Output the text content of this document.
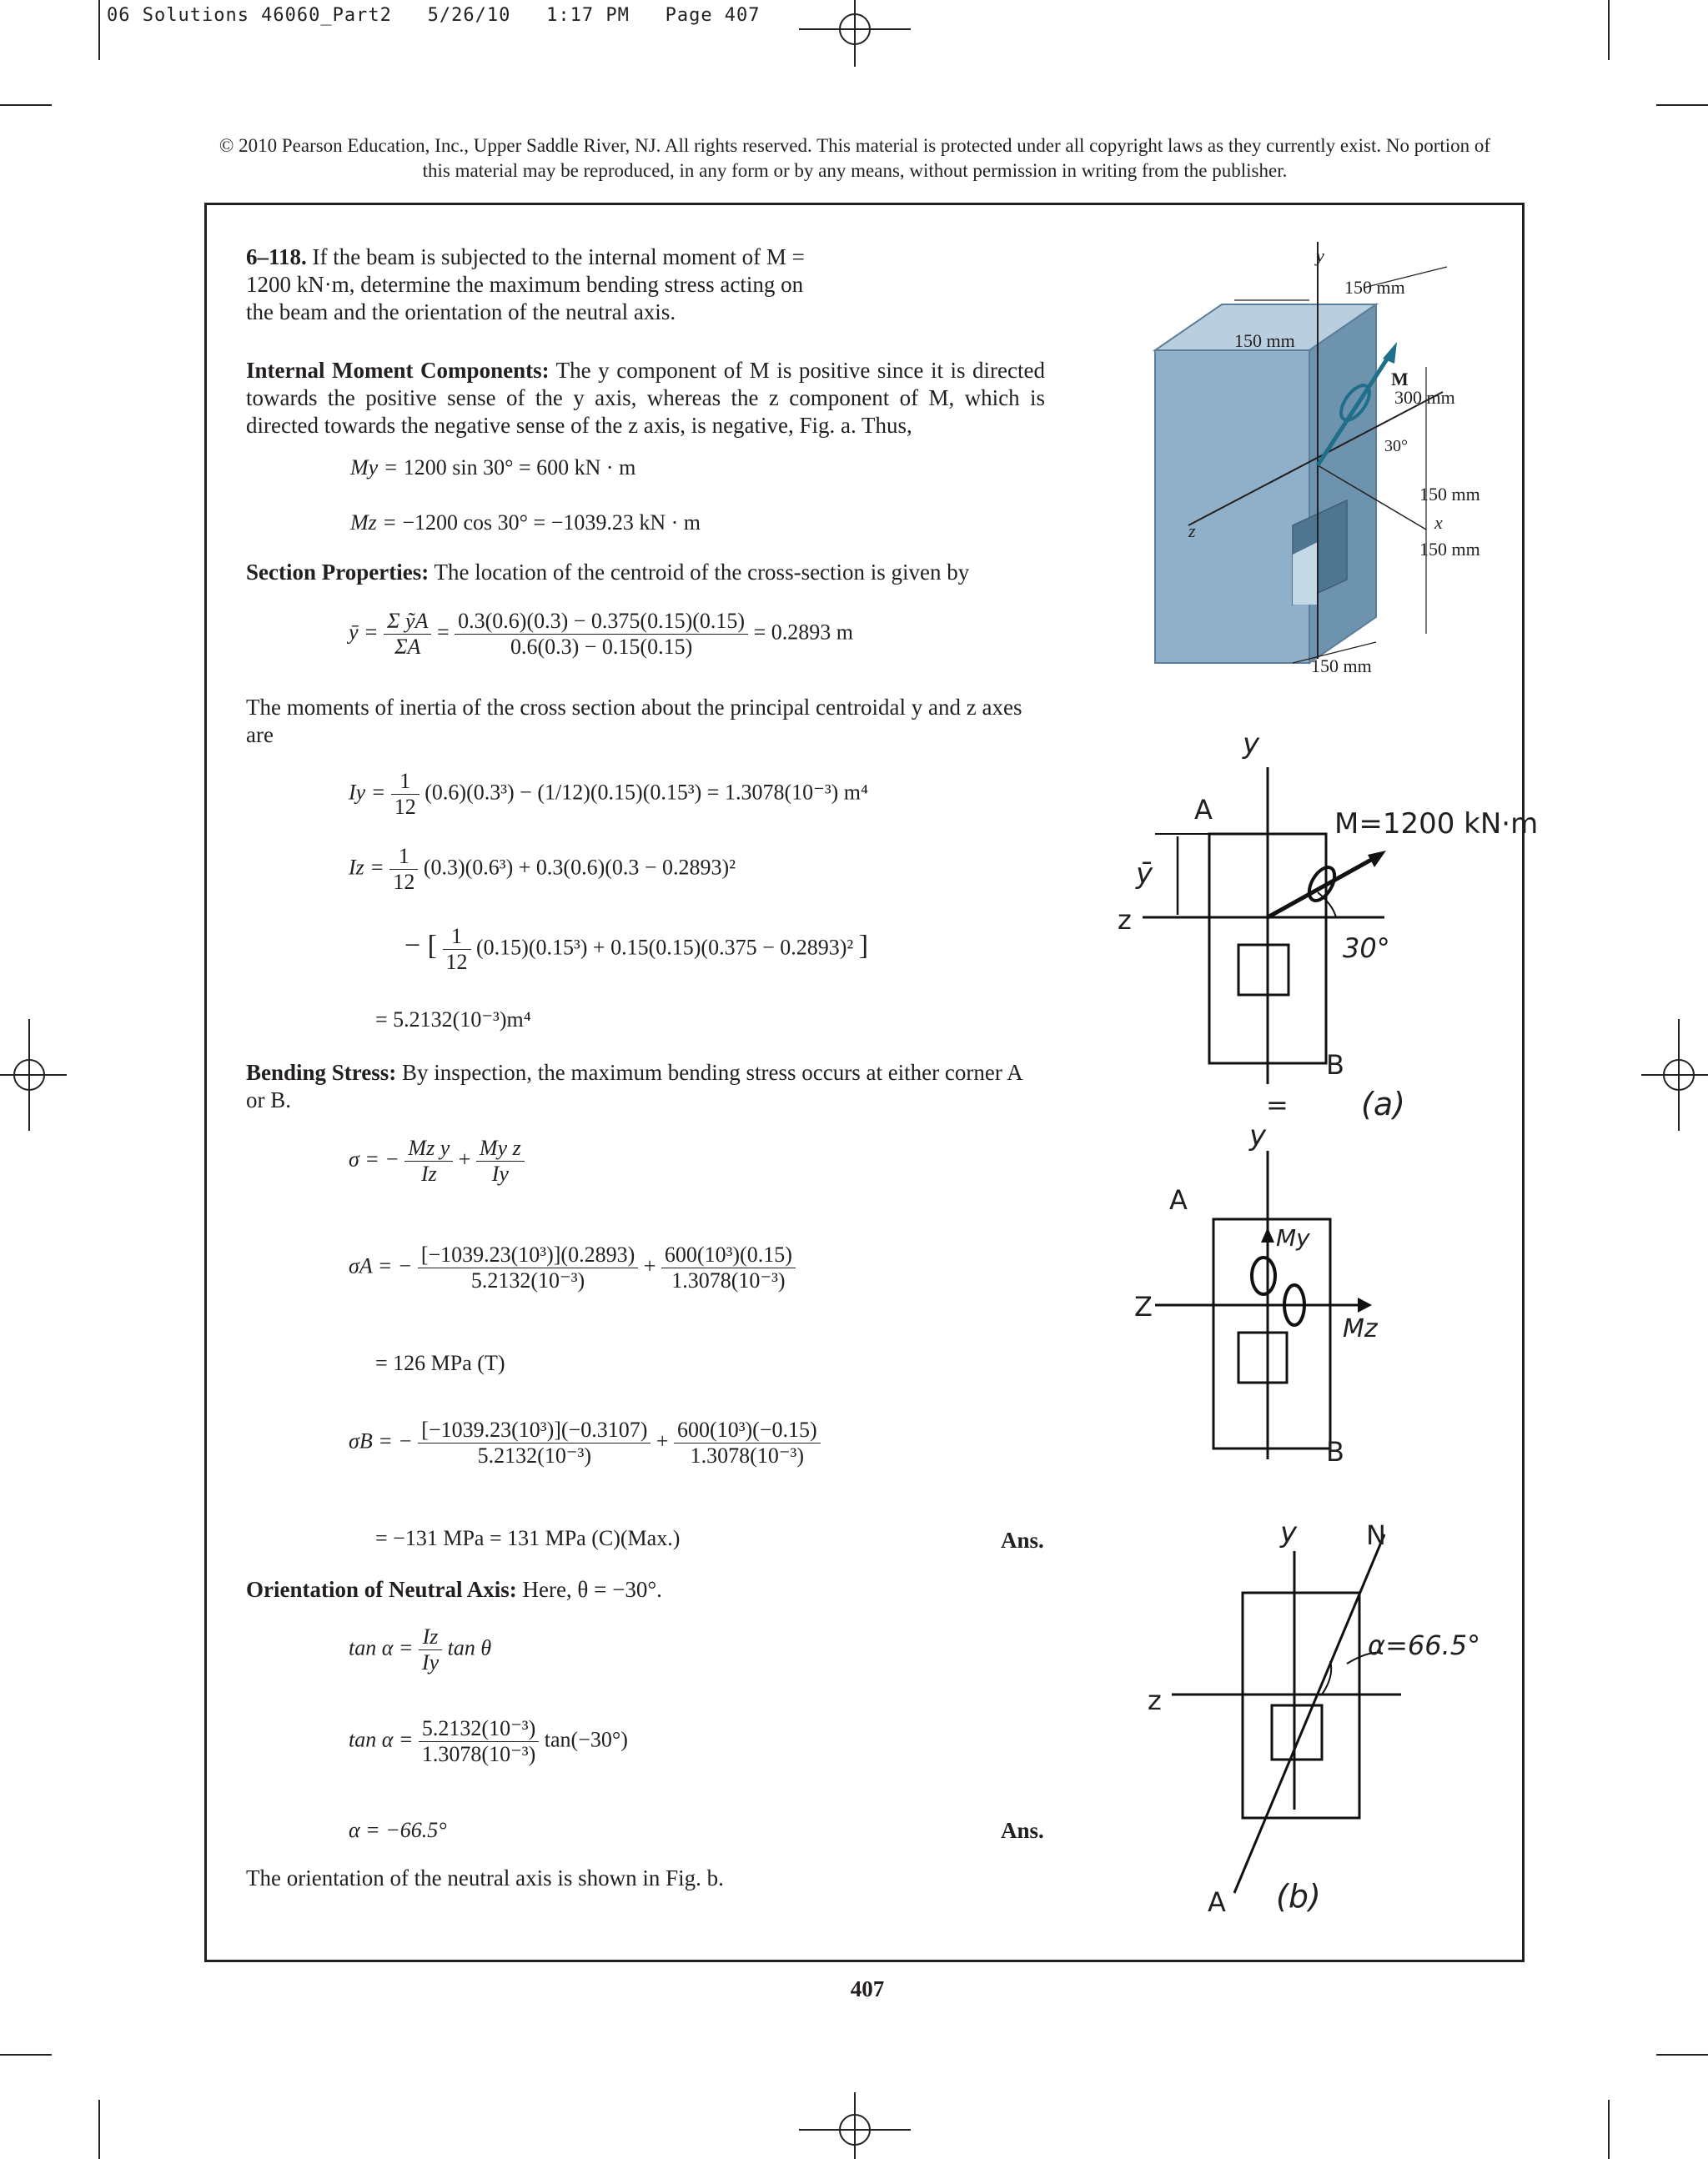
06 Solutions 46060_Part2 5/26/10 1:17 PM Page 407
© 2010 Pearson Education, Inc., Upper Saddle River, NJ. All rights reserved. This material is protected under all copyright laws as they currently exist. No portion of this material may be reproduced, in any form or by any means, without permission in writing from the publisher.
6–118. If the beam is subjected to the internal moment of M = 1200 kN·m, determine the maximum bending stress acting on the beam and the orientation of the neutral axis.
Internal Moment Components: The y component of M is positive since it is directed towards the positive sense of the y axis, whereas the z component of M, which is directed towards the negative sense of the z axis, is negative, Fig. a. Thus,
My = 1200 sin 30° = 600 kN · m
Mz = −1200 cos 30° = −1039.23 kN · m
Section Properties: The location of the centroid of the cross-section is given by
ȳ = $\frac{\text{Σ ỹA}}{\Sigma A} = \frac{0.3(0.6)(0.3) - 0.375(0.15)(0.15)}{0.6(0.3) - 0.15(0.15)} = 0.2893$ m
The moments of inertia of the cross section about the principal centroidal y and z axes are
$Iy = \frac{1}{12} (0.6)(0.3^3) - (1/12)(0.15)(0.15^3) = 1.3078(10^{-3})$ m⁴
$Iz = \frac{1}{12} (0.3)(0.6^3) + 0.3(0.6)(0.3 - 0.2893)^2$
− [ $\frac{1}{12} (0.15)(0.15^3) + 0.15(0.15)(0.375 - 0.2893)^2$ ]
= 5.2132(10⁻³)m⁴
Bending Stress: By inspection, the maximum bending stress occurs at either corner A or B.
σ = − $\frac{\text{Mz y}}{Iz} + \frac{\text{My z}}{Iy}$
σA = − $\frac{\text{[−1039.23(10³)](0.2893)}}{\text{5.2132(10⁻³)}} + \frac{\text{600(10³)(0.15)}}{\text{1.3078(10⁻³)}}$
= 126 MPa (T)
σB = − $\frac{\text{[−1039.23(10³)](−0.3107)}}{\text{5.2132(10⁻³)}} + \frac{\text{600(10³)(−0.15)}}{\text{1.3078(10⁻³)}}$
= −131 MPa = 131 MPa (C)(Max.)	Ans.
Orientation of Neutral Axis: Here, θ = −30°.
$\tan \alpha = \frac{Iz}{Iy}$ tan θ
$\tan \alpha = \frac{\text{5.2132(10⁻³)}}{\text{1.3078(10⁻³)}} \tan(-30^\circ)$
α = −66.5°	Ans.
The orientation of the neutral axis is shown in Fig. b.
407
y
150 mm
150 mm
M
300 mm
30°
150 mm
x
150 mm
z
150 mm
y
A	M=1200 kN·m
ȳ
z
30°
B
(a)
=
y
A
My
Z
Mz
B
y	N
α=66.5°
z
A (b)
